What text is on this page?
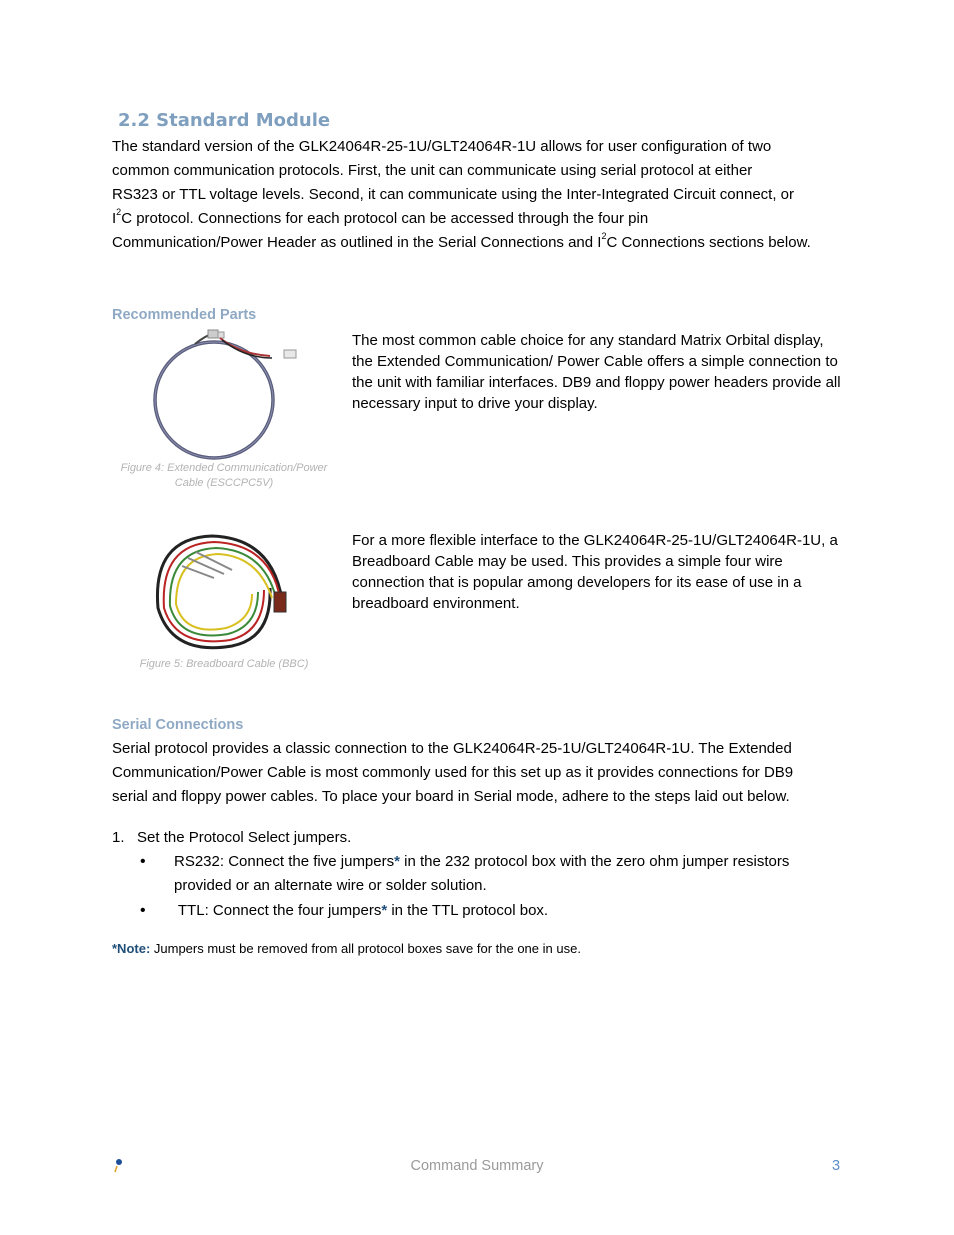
2.2 Standard Module
The standard version of the GLK24064R-25-1U/GLT24064R-1U allows for user configuration of two
common communication protocols. First, the unit can communicate using serial protocol at either
RS323 or TTL voltage levels. Second, it can communicate using the Inter-Integrated Circuit connect, or
$I^2C$ protocol. Connections for each protocol can be accessed through the four pin
Communication/Power Header as outlined in the Serial Connections and $I^2C$ Connections sections below.
Recommended Parts
Figure 4: Extended Communication/Power
Cable (ESCCPC5V)
The most common cable choice for any standard Matrix Orbital display, the Extended Communication/ Power Cable offers a simple connection to the unit with familiar interfaces. DB9 and floppy power headers provide all necessary input to drive your display.
Figure 5: Breadboard Cable (BBC)
For a more flexible interface to the GLK24064R-25-1U/GLT24064R-1U, a Breadboard Cable may be used. This provides a simple four wire connection that is popular among developers for its ease of use in a breadboard environment.
Serial Connections
Serial protocol provides a classic connection to the GLK24064R-25-1U/GLT24064R-1U. The Extended
Communication/Power Cable is most commonly used for this set up as it provides connections for DB9
serial and floppy power cables. To place your board in Serial mode, adhere to the steps laid out below.
1.   Set the Protocol Select jumpers.
• RS232: Connect the five jumpers* in the 232 protocol box with the zero ohm jumper resistors
provided or an alternate wire or solder solution.
• TTL: Connect the four jumpers* in the TTL protocol box.
*Note: Jumpers must be removed from all protocol boxes save for the one in use.
Command Summary	3
